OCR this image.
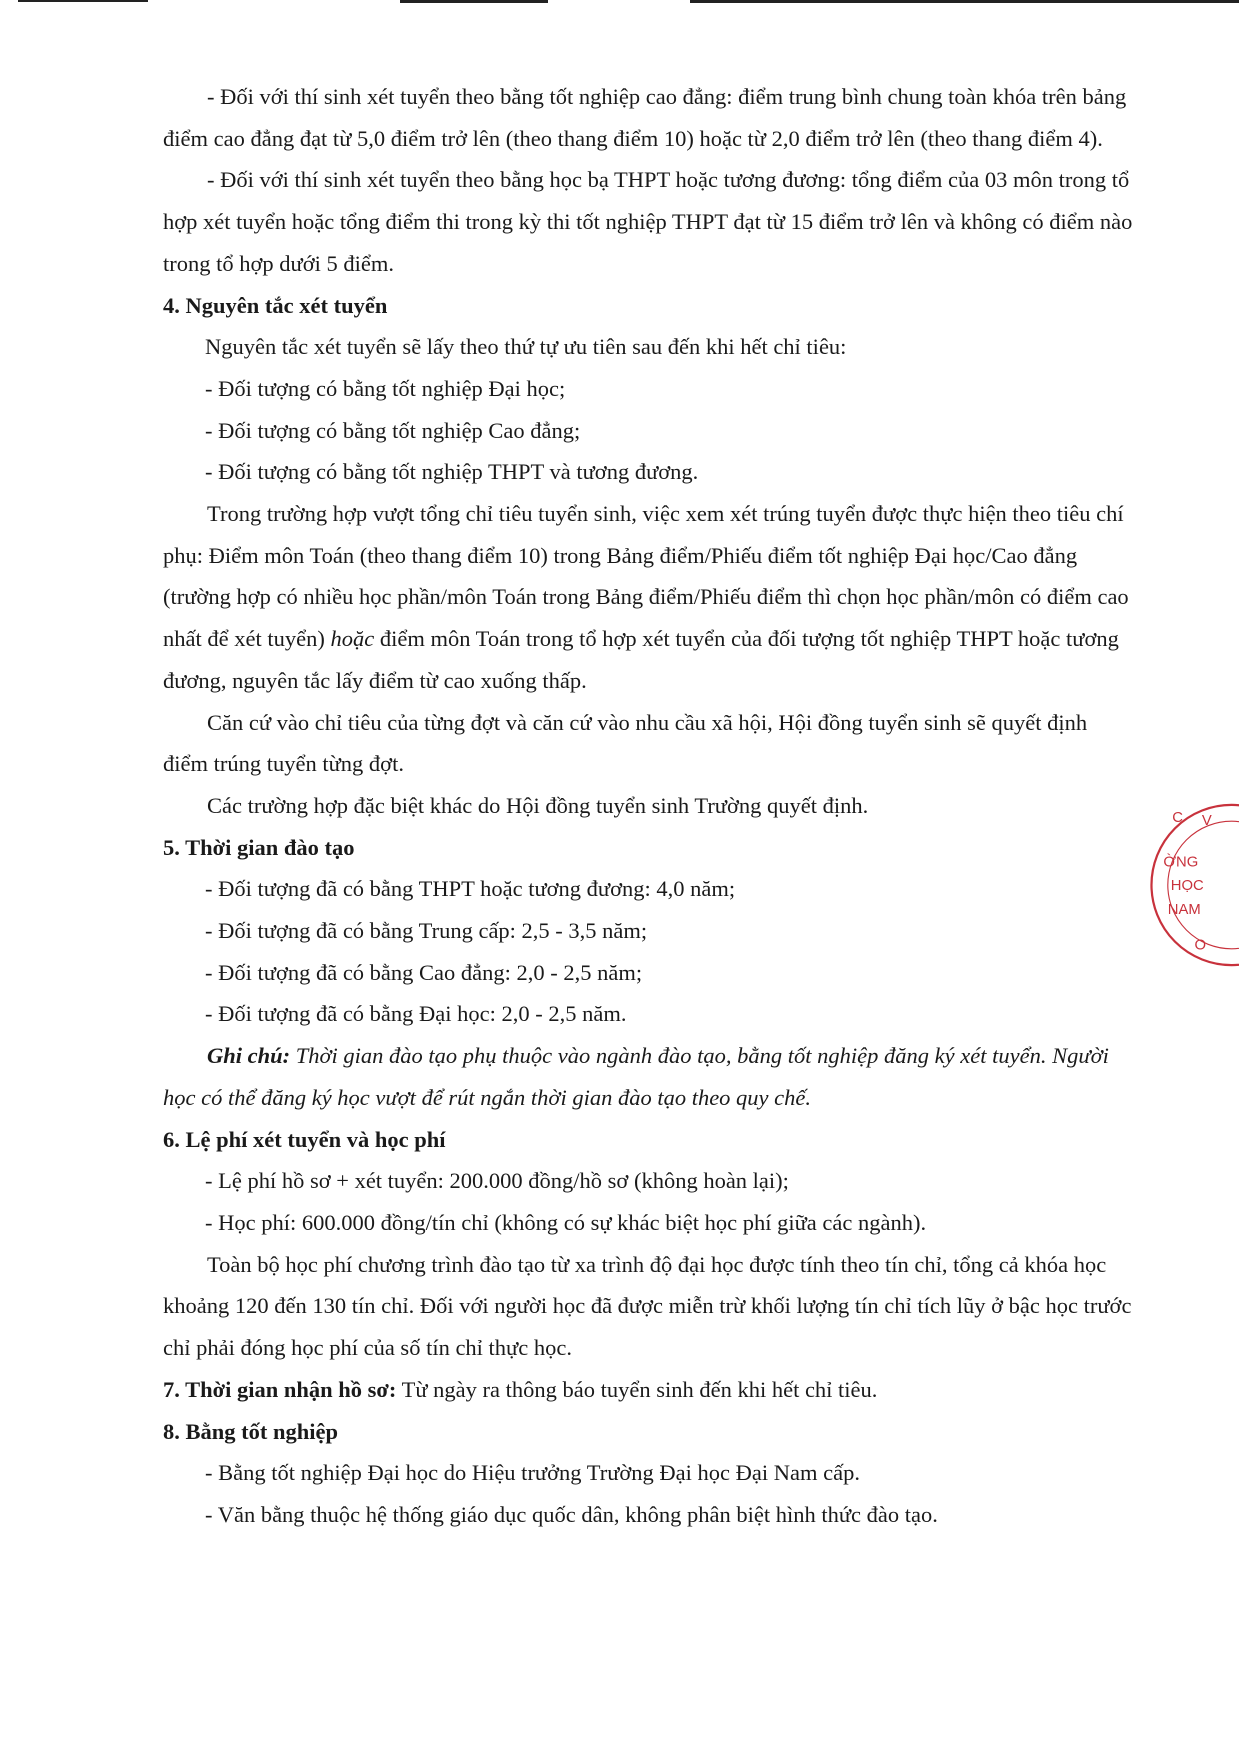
- Đối với thí sinh xét tuyển theo bằng tốt nghiệp cao đẳng: điểm trung bình chung toàn khóa trên bảng điểm cao đẳng đạt từ 5,0 điểm trở lên (theo thang điểm 10) hoặc từ 2,0 điểm trở lên (theo thang điểm 4).

- Đối với thí sinh xét tuyển theo bằng học bạ THPT hoặc tương đương: tổng điểm của 03 môn trong tổ hợp xét tuyển hoặc tổng điểm thi trong kỳ thi tốt nghiệp THPT đạt từ 15 điểm trở lên và không có điểm nào trong tổ hợp dưới 5 điểm.

4. Nguyên tắc xét tuyển

Nguyên tắc xét tuyển sẽ lấy theo thứ tự ưu tiên sau đến khi hết chỉ tiêu:

- Đối tượng có bằng tốt nghiệp Đại học;

- Đối tượng có bằng tốt nghiệp Cao đẳng;

- Đối tượng có bằng tốt nghiệp THPT và tương đương.

Trong trường hợp vượt tổng chỉ tiêu tuyển sinh, việc xem xét trúng tuyển được thực hiện theo tiêu chí phụ: Điểm môn Toán (theo thang điểm 10) trong Bảng điểm/Phiếu điểm tốt nghiệp Đại học/Cao đẳng (trường hợp có nhiều học phần/môn Toán trong Bảng điểm/Phiếu điểm thì chọn học phần/môn có điểm cao nhất để xét tuyển) hoặc điểm môn Toán trong tổ hợp xét tuyển của đối tượng tốt nghiệp THPT hoặc tương đương, nguyên tắc lấy điểm từ cao xuống thấp.

Căn cứ vào chỉ tiêu của từng đợt và căn cứ vào nhu cầu xã hội, Hội đồng tuyển sinh sẽ quyết định điểm trúng tuyển từng đợt.

Các trường hợp đặc biệt khác do Hội đồng tuyển sinh Trường quyết định.

5. Thời gian đào tạo

- Đối tượng đã có bằng THPT hoặc tương đương: 4,0 năm;

- Đối tượng đã có bằng Trung cấp: 2,5 - 3,5 năm;

- Đối tượng đã có bằng Cao đẳng: 2,0 - 2,5 năm;

- Đối tượng đã có bằng Đại học: 2,0 - 2,5 năm.

Ghi chú: Thời gian đào tạo phụ thuộc vào ngành đào tạo, bằng tốt nghiệp đăng ký xét tuyển. Người học có thể đăng ký học vượt để rút ngắn thời gian đào tạo theo quy chế.

6. Lệ phí xét tuyển và học phí

- Lệ phí hồ sơ + xét tuyển: 200.000 đồng/hồ sơ (không hoàn lại);

- Học phí: 600.000 đồng/tín chỉ (không có sự khác biệt học phí giữa các ngành).

Toàn bộ học phí chương trình đào tạo từ xa trình độ đại học được tính theo tín chỉ, tổng cả khóa học khoảng 120 đến 130 tín chỉ. Đối với người học đã được miễn trừ khối lượng tín chỉ tích lũy ở bậc học trước chỉ phải đóng học phí của số tín chỉ thực học.

7. Thời gian nhận hồ sơ: Từ ngày ra thông báo tuyển sinh đến khi hết chỉ tiêu.

8. Bằng tốt nghiệp

- Bằng tốt nghiệp Đại học do Hiệu trưởng Trường Đại học Đại Nam cấp.

- Văn bằng thuộc hệ thống giáo dục quốc dân, không phân biệt hình thức đào tạo.

C V
ỜNG
HỌC
NAM
O
